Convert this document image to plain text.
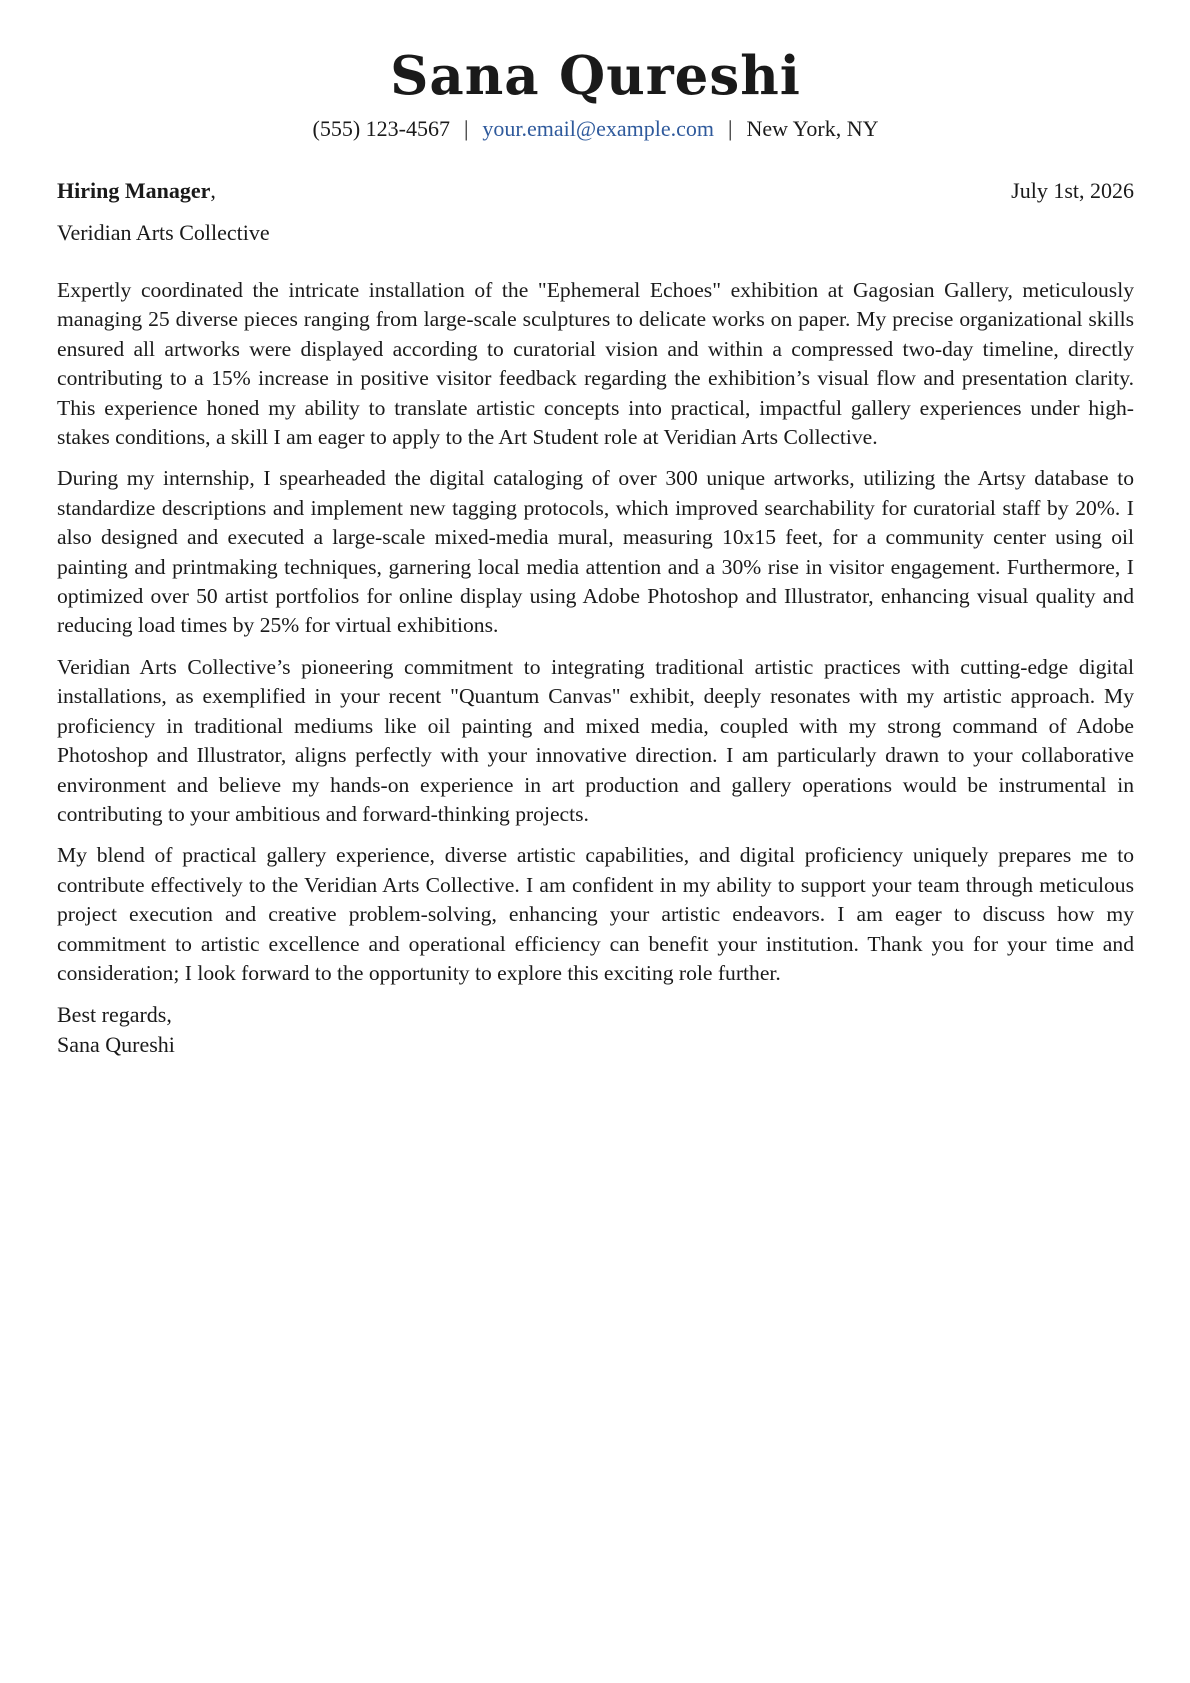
Sana Qureshi
(555) 123-4567 | your.email@example.com | New York, NY
Hiring Manager,	July 1st, 2026
Veridian Arts Collective

Expertly coordinated the intricate installation of the "Ephemeral Echoes" exhibition at Gagosian Gallery, meticulously managing 25 diverse pieces ranging from large-scale sculptures to delicate works on paper. My precise organizational skills ensured all artworks were displayed according to curatorial vision and within a compressed two-day timeline, directly contributing to a 15% increase in positive visitor feedback regarding the exhibition’s visual flow and presentation clarity. This experience honed my ability to translate artistic concepts into practical, impactful gallery experiences under high-stakes conditions, a skill I am eager to apply to the Art Student role at Veridian Arts Collective.

During my internship, I spearheaded the digital cataloging of over 300 unique artworks, utilizing the Artsy database to standardize descriptions and implement new tagging protocols, which improved searchability for curatorial staff by 20%. I also designed and executed a large-scale mixed-media mural, measuring 10x15 feet, for a community center using oil painting and printmaking techniques, garnering local media attention and a 30% rise in visitor engagement. Furthermore, I optimized over 50 artist portfolios for online display using Adobe Photoshop and Illustrator, enhancing visual quality and reducing load times by 25% for virtual exhibitions.

Veridian Arts Collective’s pioneering commitment to integrating traditional artistic practices with cutting-edge digital installations, as exemplified in your recent "Quantum Canvas" exhibit, deeply resonates with my artistic approach. My proficiency in traditional mediums like oil painting and mixed media, coupled with my strong command of Adobe Photoshop and Illustrator, aligns perfectly with your innovative direction. I am particularly drawn to your collaborative environment and believe my hands-on experience in art production and gallery operations would be instrumental in contributing to your ambitious and forward-thinking projects.

My blend of practical gallery experience, diverse artistic capabilities, and digital proficiency uniquely prepares me to contribute effectively to the Veridian Arts Collective. I am confident in my ability to support your team through meticulous project execution and creative problem-solving, enhancing your artistic endeavors. I am eager to discuss how my commitment to artistic excellence and operational efficiency can benefit your institution. Thank you for your time and consideration; I look forward to the opportunity to explore this exciting role further.

Best regards,
Sana Qureshi
